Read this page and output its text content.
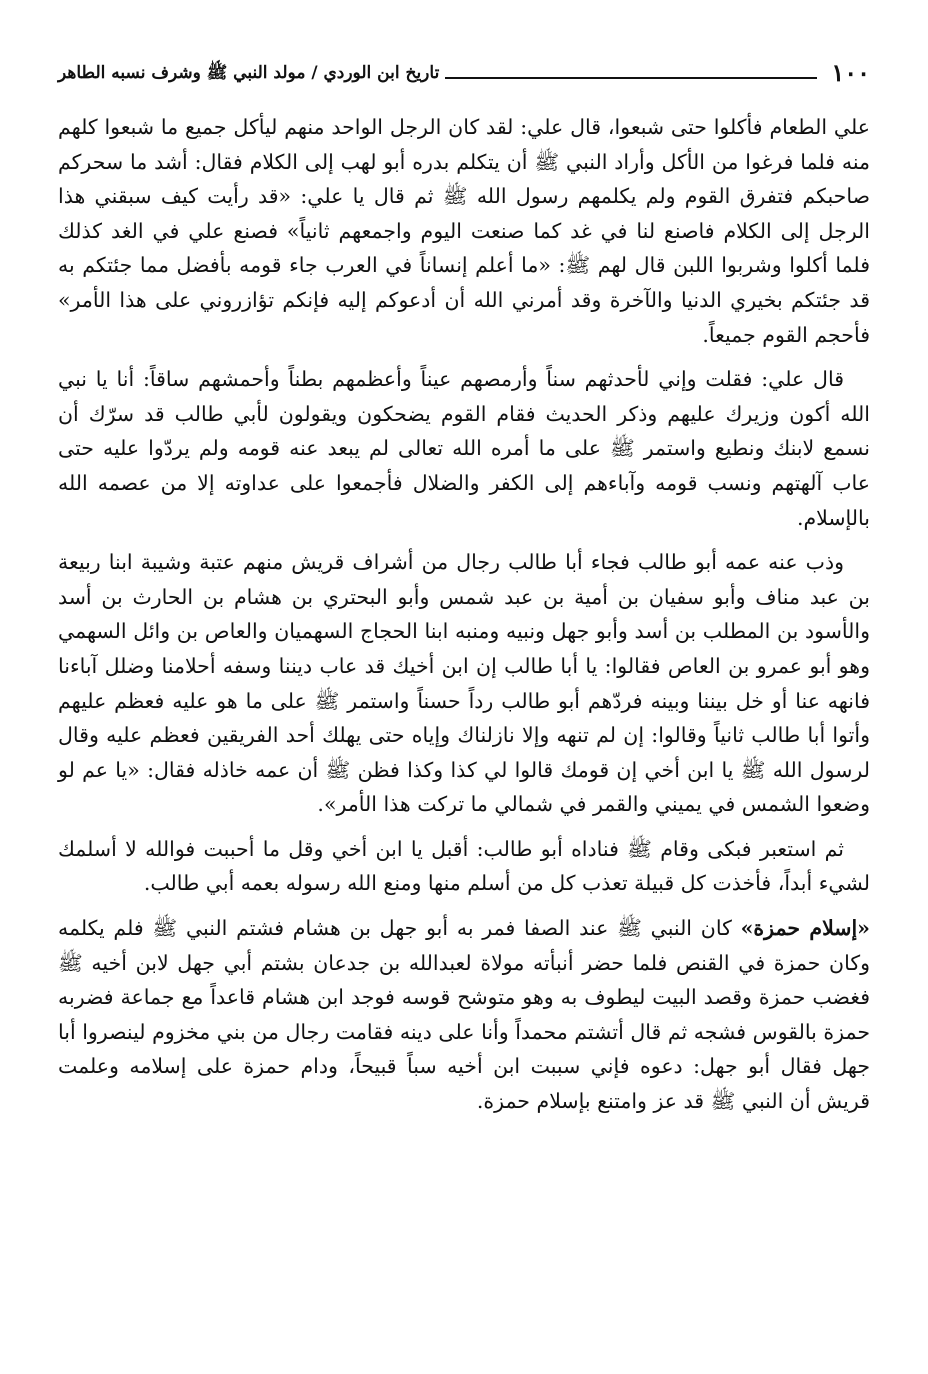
١٠٠
تاريخ ابن الوردي / مولد النبي ﷺ وشرف نسبه الطاهر

علي الطعام فأكلوا حتى شبعوا، قال علي: لقد كان الرجل الواحد منهم ليأكل جميع ما شبعوا كلهم منه فلما فرغوا من الأكل وأراد النبي ﷺ أن يتكلم بدره أبو لهب إلى الكلام فقال: أشد ما سحركم صاحبكم فتفرق القوم ولم يكلمهم رسول الله ﷺ ثم قال يا علي: «قد رأيت كيف سبقني هذا الرجل إلى الكلام فاصنع لنا في غد كما صنعت اليوم واجمعهم ثانياً» فصنع علي في الغد كذلك فلما أكلوا وشربوا اللبن قال لهم ﷺ: «ما أعلم إنساناً في العرب جاء قومه بأفضل مما جئتكم به قد جئتكم بخيري الدنيا والآخرة وقد أمرني الله أن أدعوكم إليه فإنكم تؤازروني على هذا الأمر» فأحجم القوم جميعاً.

قال علي: فقلت وإني لأحدثهم سناً وأرمصهم عيناً وأعظمهم بطناً وأحمشهم ساقاً: أنا يا نبي الله أكون وزيرك عليهم وذكر الحديث فقام القوم يضحكون ويقولون لأبي طالب قد سرّك أن نسمع لابنك ونطيع واستمر ﷺ على ما أمره الله تعالى لم يبعد عنه قومه ولم يردّوا عليه حتى عاب آلهتهم ونسب قومه وآباءهم إلى الكفر والضلال فأجمعوا على عداوته إلا من عصمه الله بالإسلام.

وذب عنه عمه أبو طالب فجاء أبا طالب رجال من أشراف قريش منهم عتبة وشيبة ابنا ربيعة بن عبد مناف وأبو سفيان بن أمية بن عبد شمس وأبو البحتري بن هشام بن الحارث بن أسد والأسود بن المطلب بن أسد وأبو جهل ونبيه ومنبه ابنا الحجاج السهميان والعاص بن وائل السهمي وهو أبو عمرو بن العاص فقالوا: يا أبا طالب إن ابن أخيك قد عاب ديننا وسفه أحلامنا وضلل آباءنا فانهه عنا أو خل بيننا وبينه فردّهم أبو طالب رداً حسناً واستمر ﷺ على ما هو عليه فعظم عليهم وأتوا أبا طالب ثانياً وقالوا: إن لم تنهه وإلا نازلناك وإياه حتى يهلك أحد الفريقين فعظم عليه وقال لرسول الله ﷺ يا ابن أخي إن قومك قالوا لي كذا وكذا فظن ﷺ أن عمه خاذله فقال: «يا عم لو وضعوا الشمس في يميني والقمر في شمالي ما تركت هذا الأمر».

ثم استعبر فبكى وقام ﷺ فناداه أبو طالب: أقبل يا ابن أخي وقل ما أحببت فوالله لا أسلمك لشيء أبداً، فأخذت كل قبيلة تعذب كل من أسلم منها ومنع الله رسوله بعمه أبي طالب.

«إسلام حمزة» كان النبي ﷺ عند الصفا فمر به أبو جهل بن هشام فشتم النبي ﷺ فلم يكلمه وكان حمزة في القنص فلما حضر أنبأته مولاة لعبدالله بن جدعان بشتم أبي جهل لابن أخيه ﷺ فغضب حمزة وقصد البيت ليطوف به وهو متوشح قوسه فوجد ابن هشام قاعداً مع جماعة فضربه حمزة بالقوس فشجه ثم قال أتشتم محمداً وأنا على دينه فقامت رجال من بني مخزوم لينصروا أبا جهل فقال أبو جهل: دعوه فإني سببت ابن أخيه سباً قبيحاً، ودام حمزة على إسلامه وعلمت قريش أن النبي ﷺ قد عز وامتنع بإسلام حمزة.
